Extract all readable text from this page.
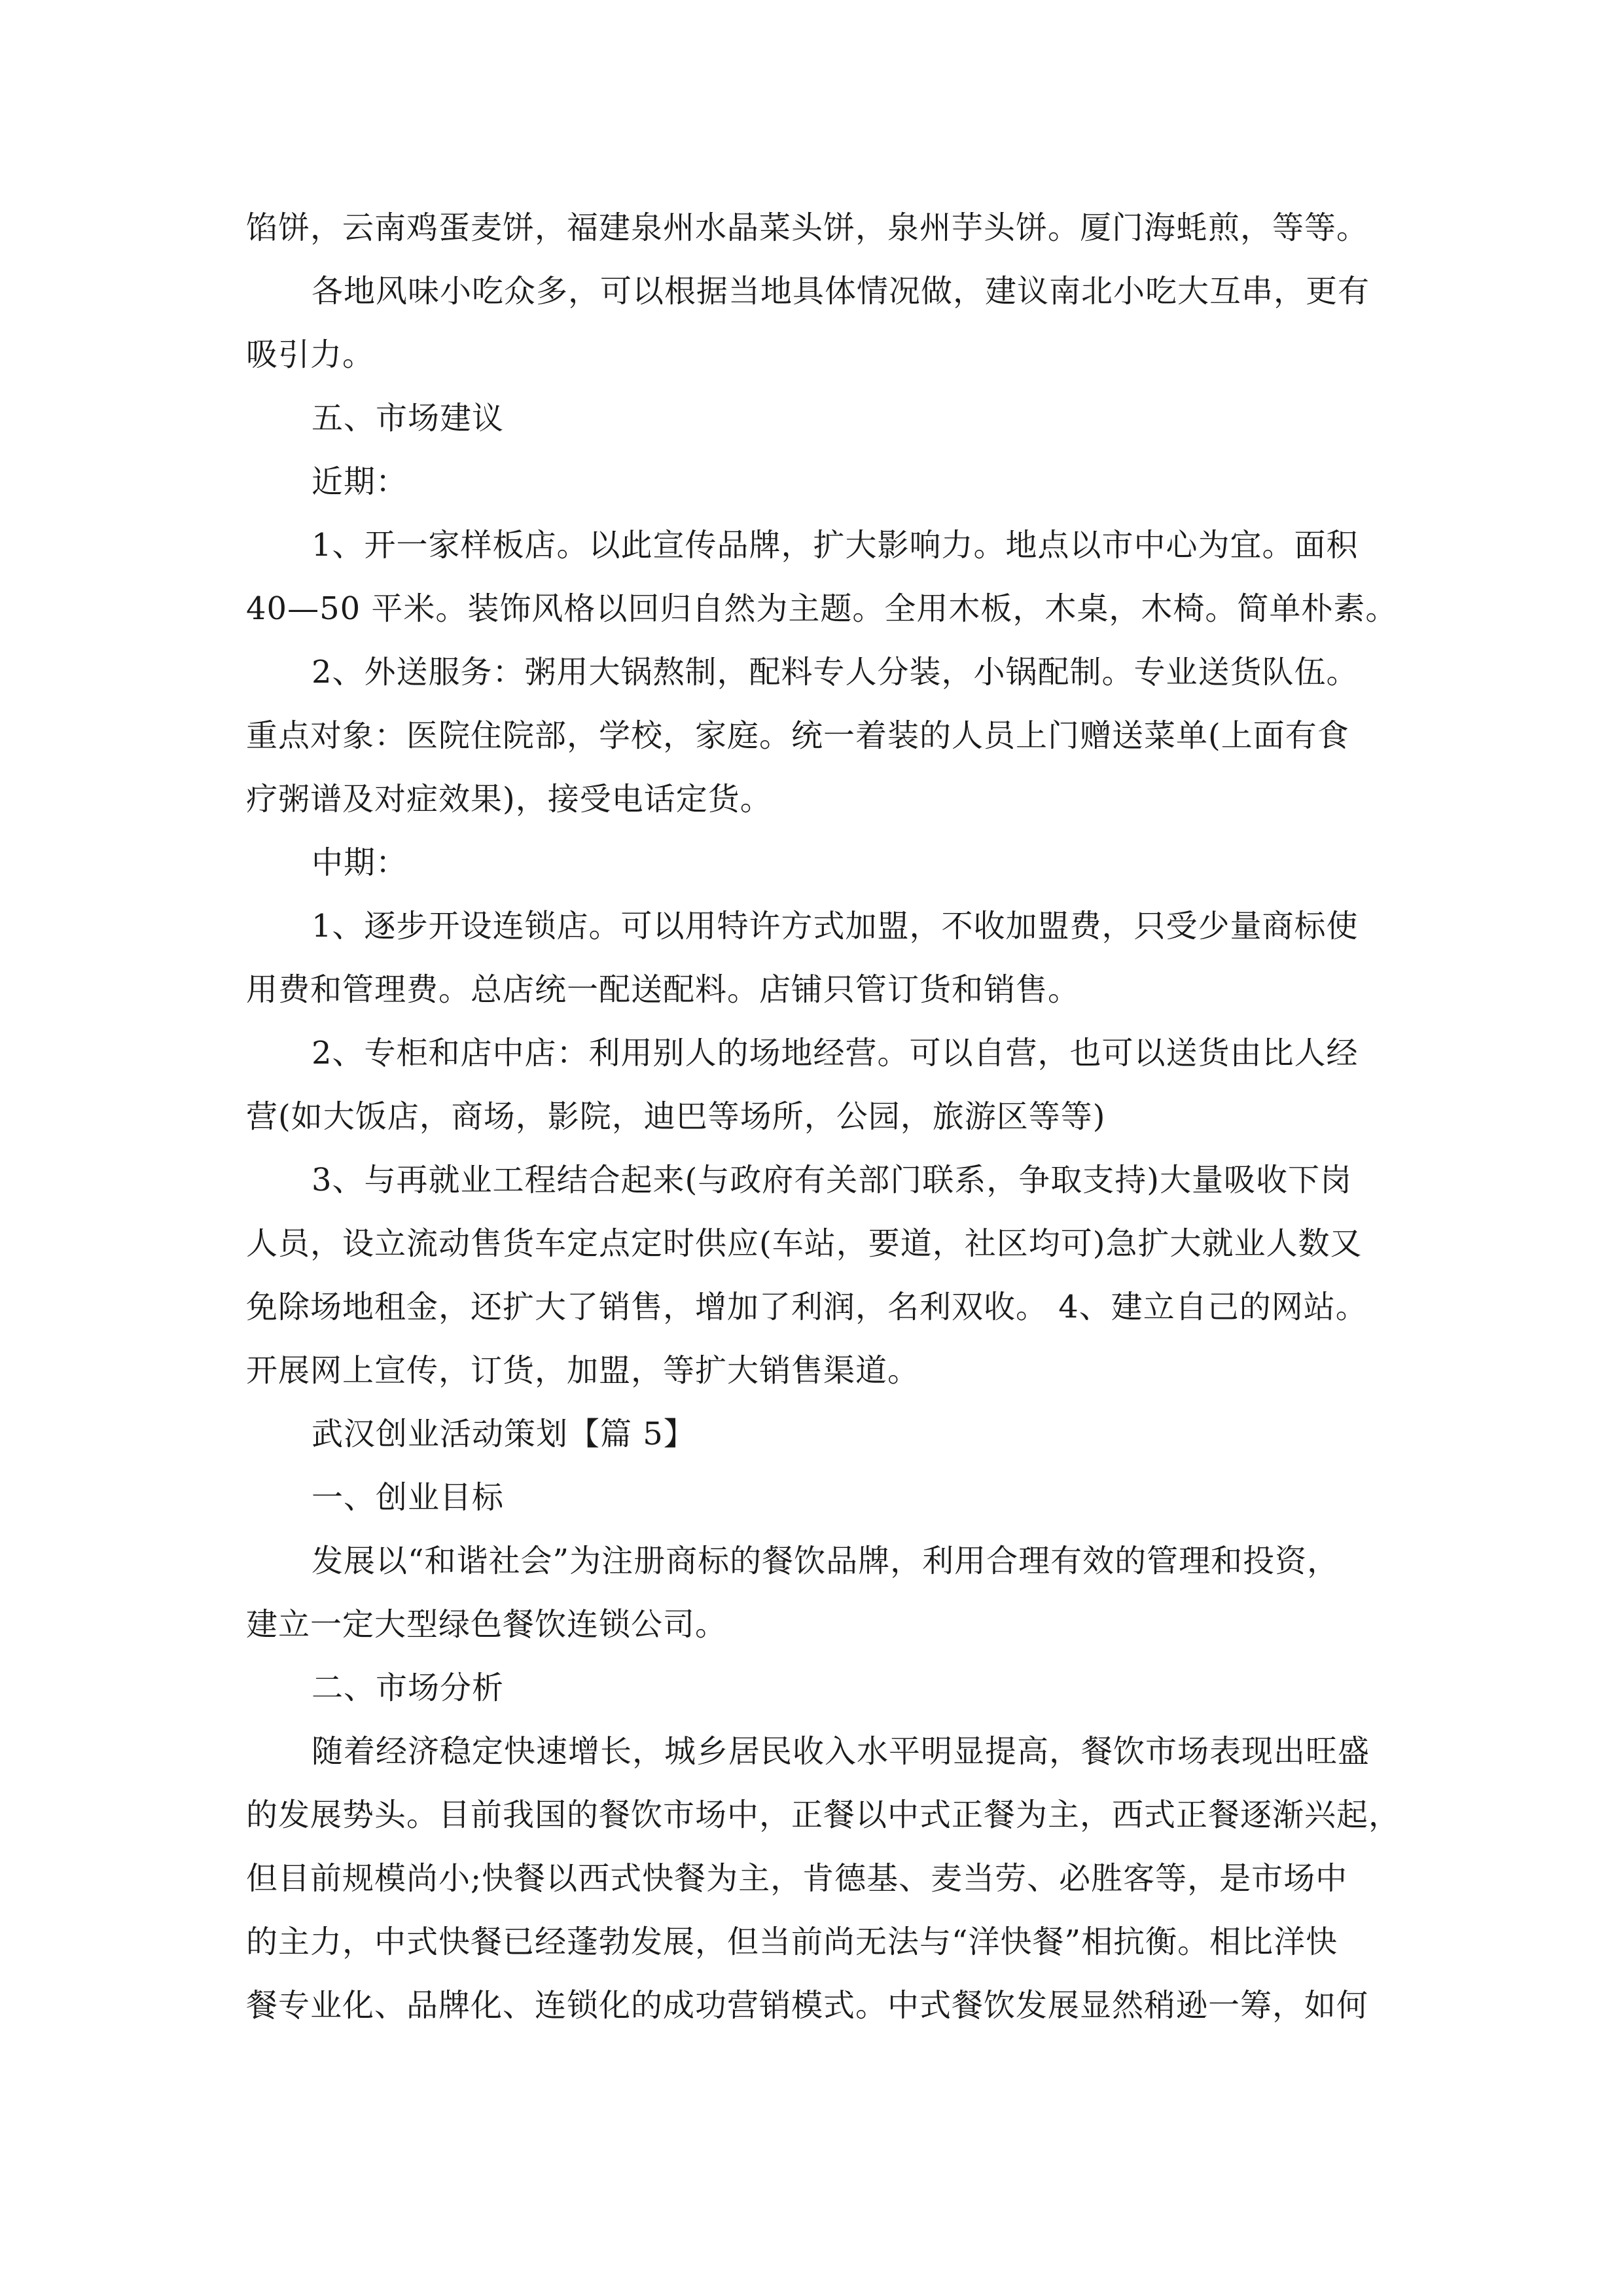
馅饼，云南鸡蛋麦饼，福建泉州水晶菜头饼，泉州芋头饼。厦门海蚝煎，等等。
各地风味小吃众多，可以根据当地具体情况做，建议南北小吃大互串，更有
吸引力。
五、市场建议
近期：
1、开一家样板店。以此宣传品牌，扩大影响力。地点以市中心为宜。面积
40—50 平米。装饰风格以回归自然为主题。全用木板，木桌，木椅。简单朴素。
2、外送服务：粥用大锅熬制，配料专人分装，小锅配制。专业送货队伍。
重点对象：医院住院部，学校，家庭。统一着装的人员上门赠送菜单(上面有食
疗粥谱及对症效果)，接受电话定货。
中期：
1、逐步开设连锁店。可以用特许方式加盟，不收加盟费，只受少量商标使
用费和管理费。总店统一配送配料。店铺只管订货和销售。
2、专柜和店中店：利用别人的场地经营。可以自营，也可以送货由比人经
营(如大饭店，商场，影院，迪巴等场所，公园，旅游区等等)
3、与再就业工程结合起来(与政府有关部门联系，争取支持)大量吸收下岗
人员，设立流动售货车定点定时供应(车站，要道，社区均可)急扩大就业人数又
免除场地租金，还扩大了销售，增加了利润，名利双收。 4、建立自己的网站。
开展网上宣传，订货，加盟，等扩大销售渠道。
武汉创业活动策划【篇 5】
一、创业目标
发展以“和谐社会”为注册商标的餐饮品牌，利用合理有效的管理和投资，
建立一定大型绿色餐饮连锁公司。
二、市场分析
随着经济稳定快速增长，城乡居民收入水平明显提高，餐饮市场表现出旺盛
的发展势头。目前我国的餐饮市场中，正餐以中式正餐为主，西式正餐逐渐兴起，
但目前规模尚小;快餐以西式快餐为主，肯德基、麦当劳、必胜客等，是市场中
的主力，中式快餐已经蓬勃发展，但当前尚无法与“洋快餐”相抗衡。相比洋快
餐专业化、品牌化、连锁化的成功营销模式。中式餐饮发展显然稍逊一筹，如何
